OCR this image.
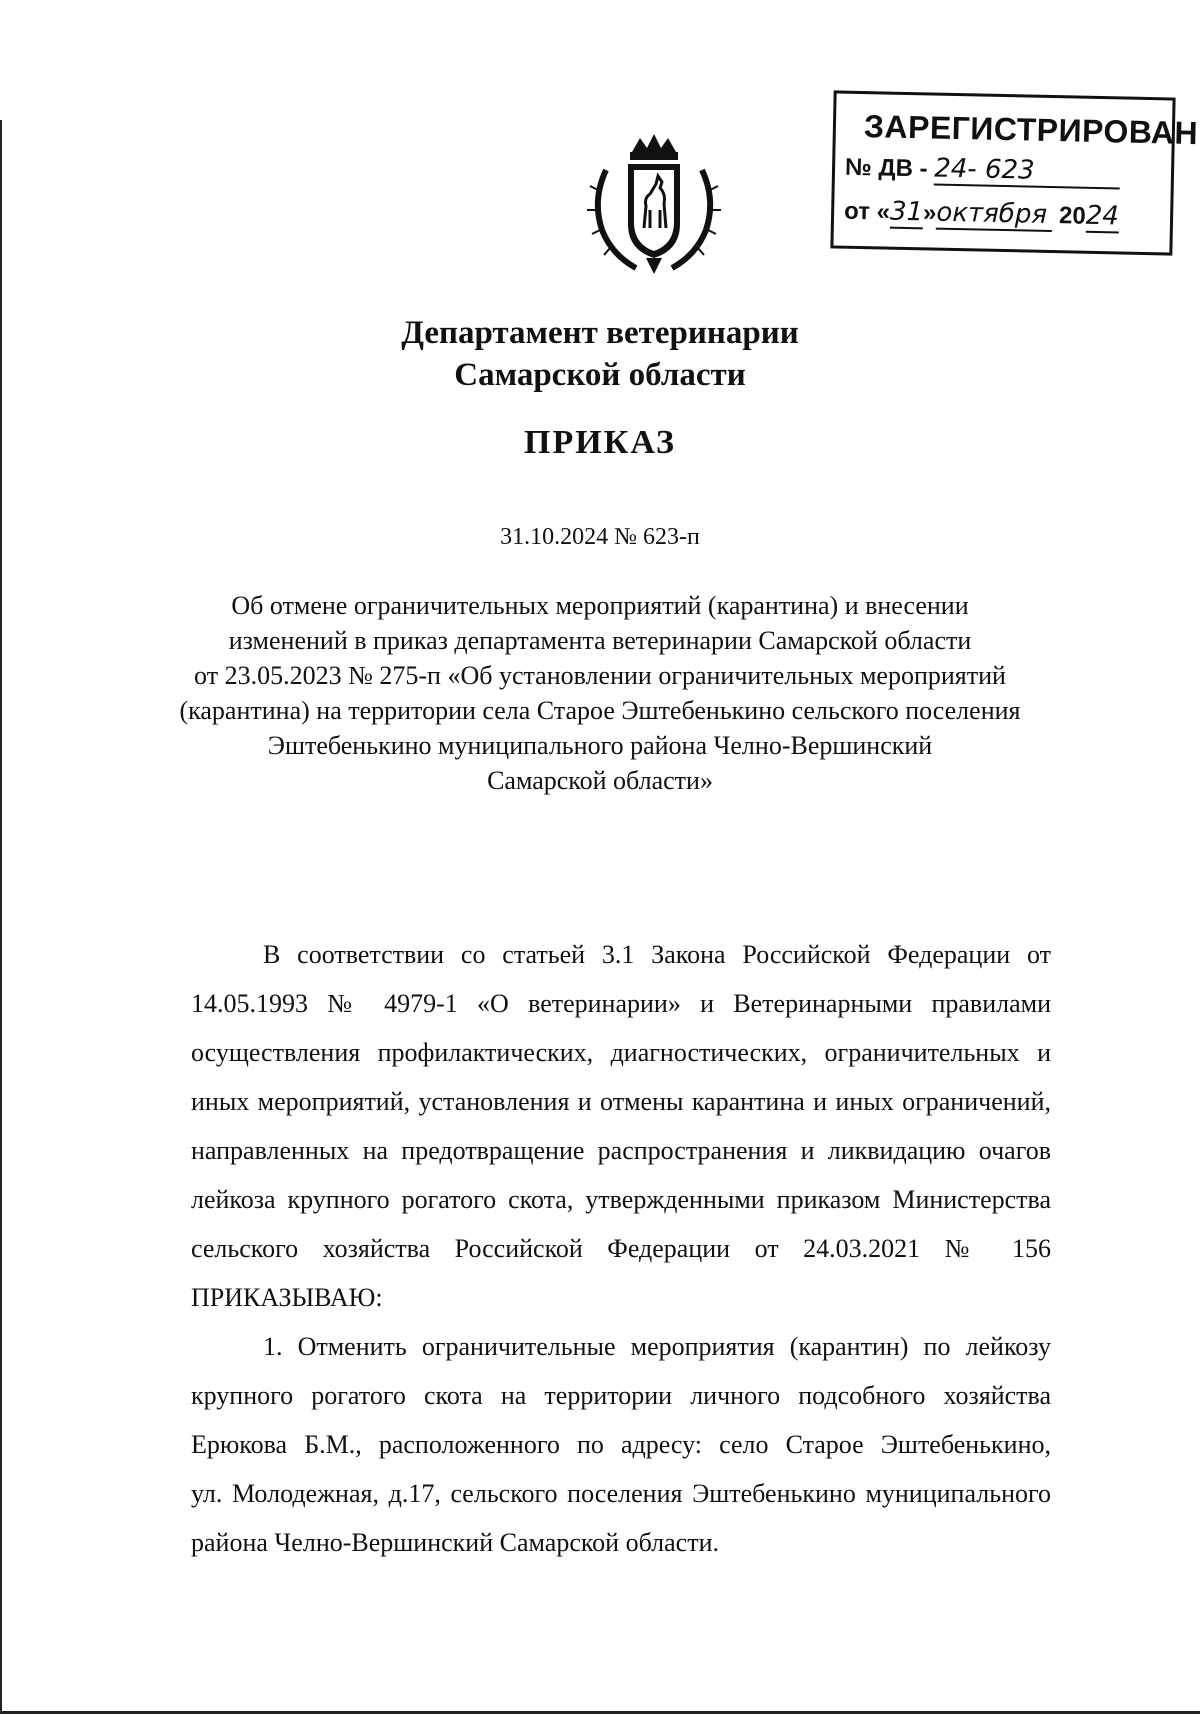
ЗАРЕГИСТРИРОВАН
№ ДВ - 24- 623
от «31»октября 2024
Департамент ветеринарии
Самарской области
ПРИКАЗ
31.10.2024 № 623-п
Об отмене ограничительных мероприятий (карантина) и внесении
изменений в приказ департамента ветеринарии Самарской области
от 23.05.2023 № 275-п «Об установлении ограничительных мероприятий
(карантина) на территории села Старое Эштебенькино сельского поселения
Эштебенькино муниципального района Челно-Вершинский
Самарской области»
В соответствии со статьей 3.1 Закона Российской Федерации от
14.05.1993 № 4979-1 «О ветеринарии» и Ветеринарными правилами
осуществления профилактических, диагностических, ограничительных и
иных мероприятий, установления и отмены карантина и иных ограничений,
направленных на предотвращение распространения и ликвидацию очагов
лейкоза крупного рогатого скота, утвержденными приказом Министерства
сельского хозяйства Российской Федерации от 24.03.2021 № 156
ПРИКАЗЫВАЮ:
1. Отменить ограничительные мероприятия (карантин) по лейкозу
крупного рогатого скота на территории личного подсобного хозяйства
Ерюкова Б.М., расположенного по адресу: село Старое Эштебенькино,
ул. Молодежная, д.17, сельского поселения Эштебенькино муниципального
района Челно-Вершинский Самарской области.
